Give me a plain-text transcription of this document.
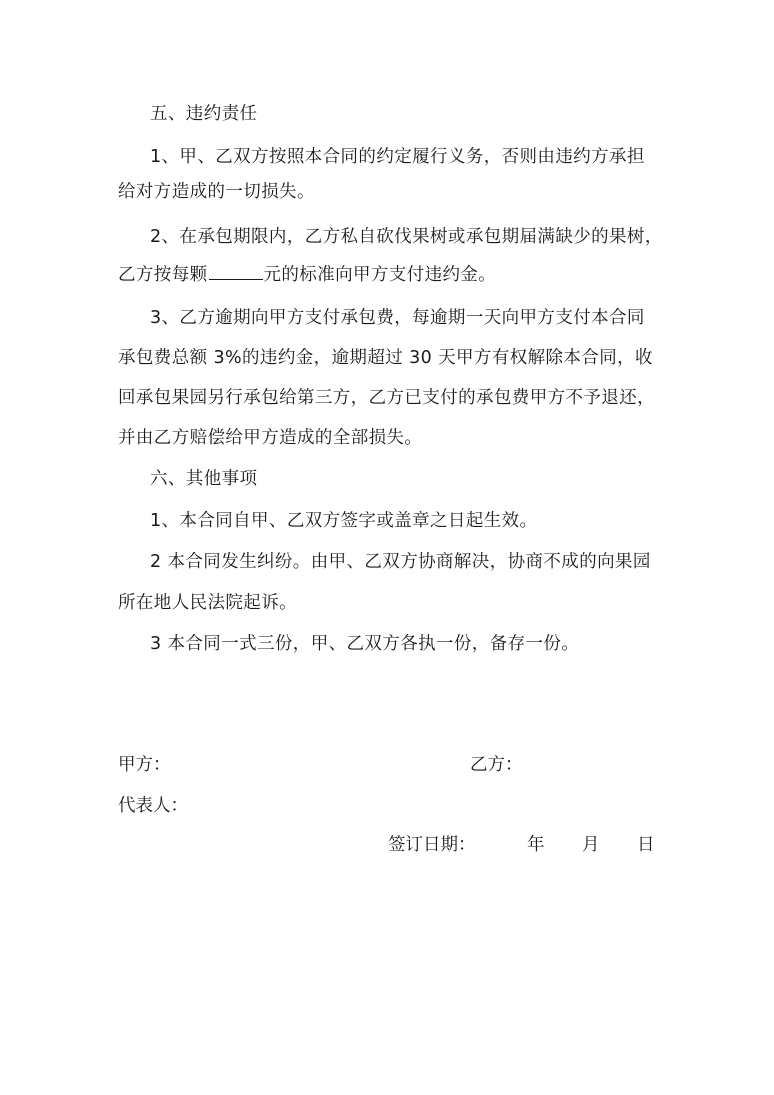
五、违约责任
1、甲、乙双方按照本合同的约定履行义务，否则由违约方承担
给对方造成的一切损失。
2、在承包期限内，乙方私自砍伐果树或承包期届满缺少的果树，
乙方按每颗	元的标准向甲方支付违约金。
3、乙方逾期向甲方支付承包费，每逾期一天向甲方支付本合同
承包费总额 3%的违约金，逾期超过 30 天甲方有权解除本合同，收
回承包果园另行承包给第三方，乙方已支付的承包费甲方不予退还，
并由乙方赔偿给甲方造成的全部损失。
六、其他事项
1、本合同自甲、乙双方签字或盖章之日起生效。
2 本合同发生纠纷。由甲、乙双方协商解决，协商不成的向果园
所在地人民法院起诉。
3 本合同一式三份，甲、乙双方各执一份，备存一份。
甲方：	乙方：
代表人：
签订日期：	年 月 日
